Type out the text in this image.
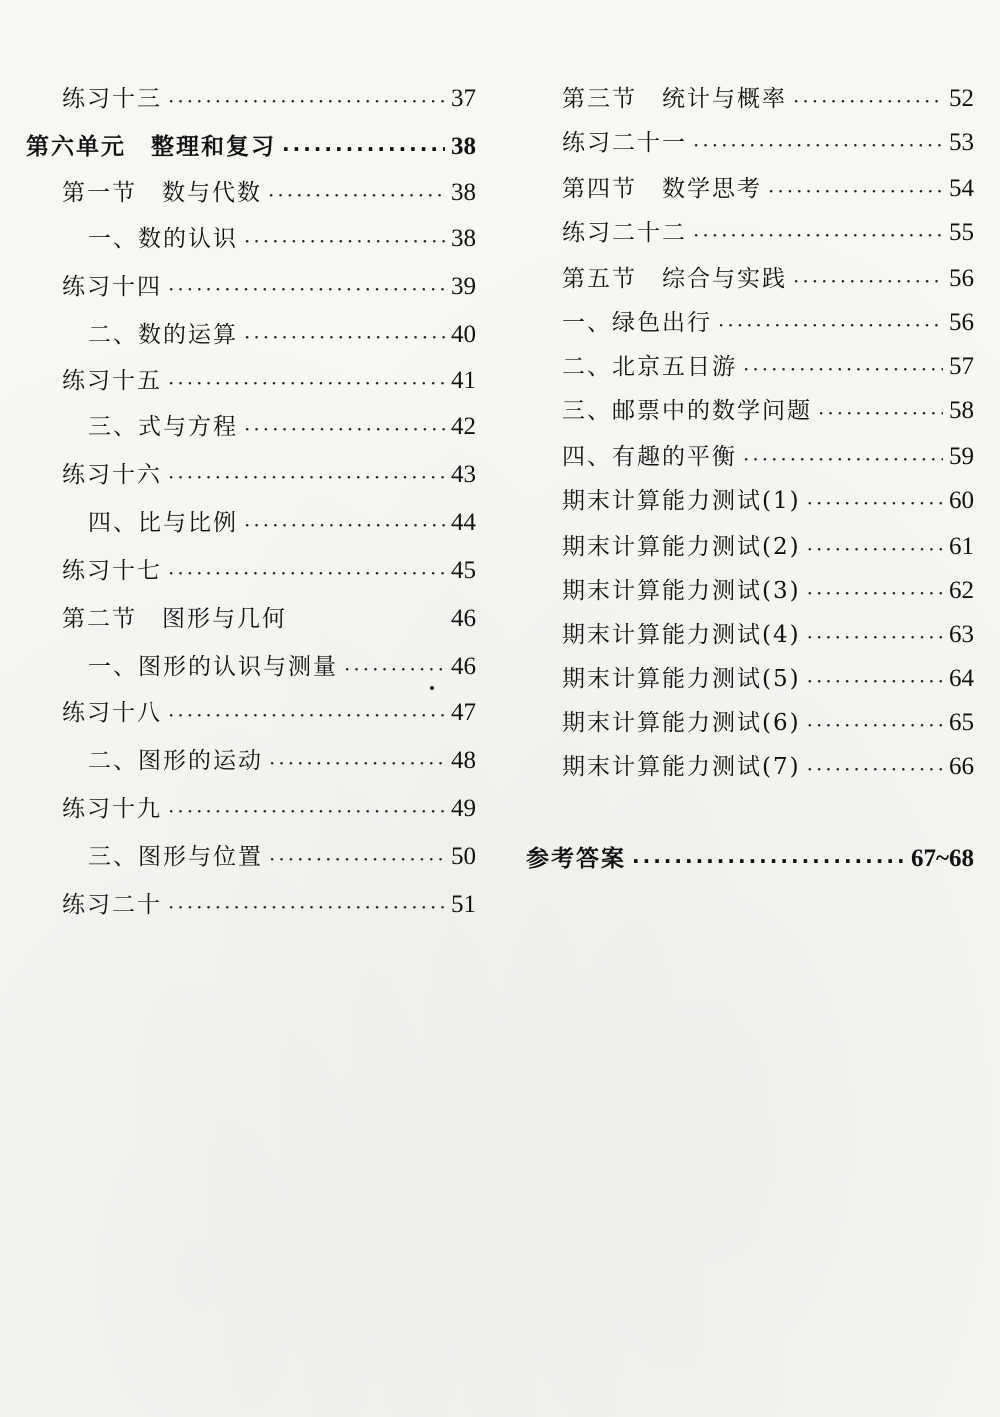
练习十三 ·····	37
第六单元　整理和复习 ·····	38
第一节　数与代数 ·····	38
一、数的认识 ·····	38
练习十四 ·····	39
二、数的运算 ·····	40
练习十五 ·····	41
三、式与方程 ·····	42
练习十六 ·····	43
四、比与比例 ·····	44
练习十七 ·····	45
第二节　图形与几何	46
一、图形的认识与测量 ·····	46
练习十八 ·····	47
二、图形的运动 ·····	48
练习十九 ·····	49
三、图形与位置 ·····	50
练习二十 ·····	51
第三节　统计与概率 ·····	52
练习二十一 ·····	53
第四节　数学思考 ·····	54
练习二十二 ·····	55
第五节　综合与实践 ·····	56
一、绿色出行 ·····	56
二、北京五日游 ·····	57
三、邮票中的数学问题 ·····	58
四、有趣的平衡 ·····	59
期末计算能力测试(1) ·····	60
期末计算能力测试(2) ·····	61
期末计算能力测试(3) ·····	62
期末计算能力测试(4) ·····	63
期末计算能力测试(5) ·····	64
期末计算能力测试(6) ·····	65
期末计算能力测试(7) ·····	66
参考答案 ·····	67~68
